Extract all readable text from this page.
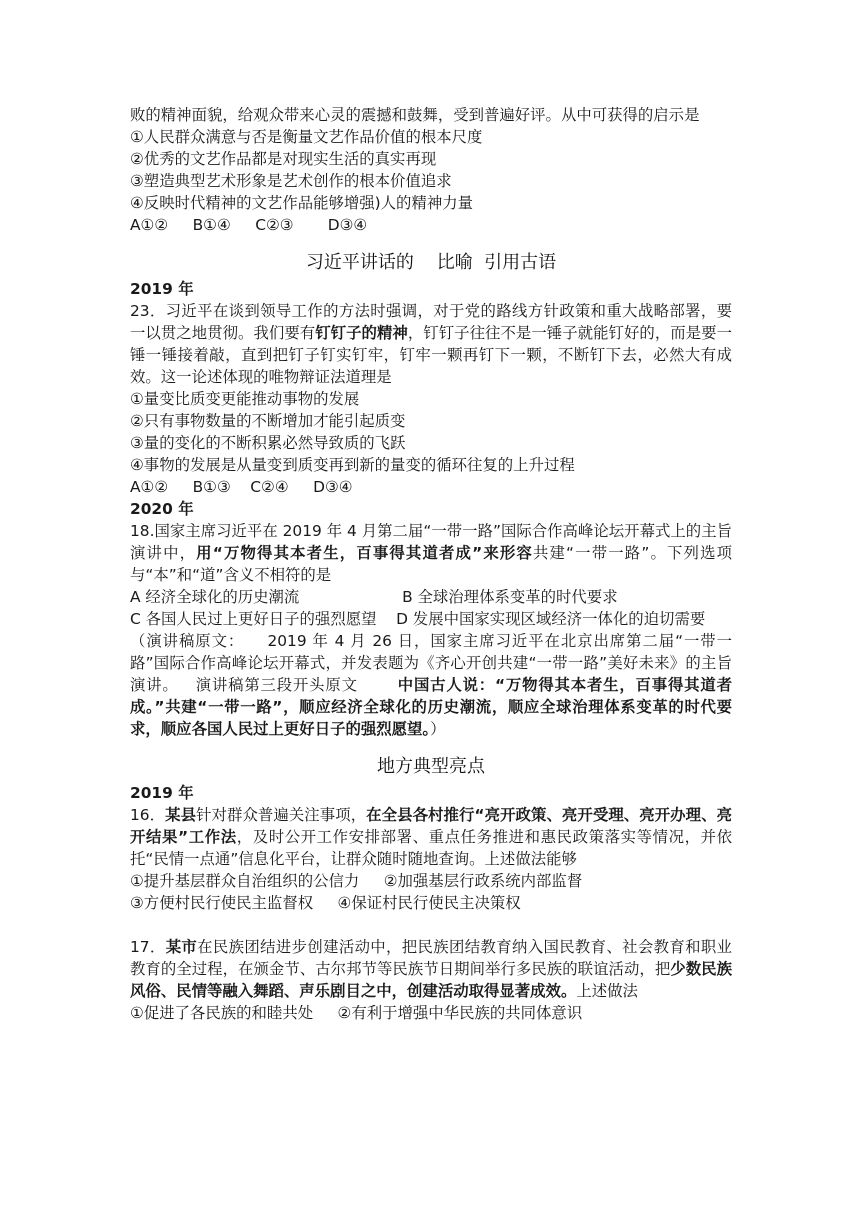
败的精神面貌，给观众带来心灵的震撼和鼓舞，受到普遍好评。从中可获得的启示是

①人民群众满意与否是衡量文艺作品价值的根本尺度

②优秀的文艺作品都是对现实生活的真实再现

③塑造典型艺术形象是艺术创作的根本价值追求

④反映时代精神的文艺作品能够增强)人的精神力量

A①②     B①④     C②③       D③④

习近平讲话的    比喻  引用古语

2019 年

23．习近平在谈到领导工作的方法时强调，对于党的路线方针政策和重大战略部署，要一以贯之地贯彻。我们要有钉钉子的精神，钉钉子往往不是一锤子就能钉好的，而是要一锤一锤接着敲，直到把钉子钉实钉牢，钉牢一颗再钉下一颗，不断钉下去，必然大有成效。这一论述体现的唯物辩证法道理是

①量变比质变更能推动事物的发展

②只有事物数量的不断增加才能引起质变

③量的变化的不断积累必然导致质的飞跃

④事物的发展是从量变到质变再到新的量变的循环往复的上升过程

A①②     B①③    C②④     D③④

2020 年

18.国家主席习近平在 2019 年 4 月第二届“一带一路”国际合作高峰论坛开幕式上的主旨演讲中，用“万物得其本者生，百事得其道者成”来形容共建“一带一路”。下列选项与“本”和“道”含义不相符的是

A 经济全球化的历史潮流                     B 全球治理体系变革的时代要求

C 各国人民过上更好日子的强烈愿望    D 发展中国家实现区域经济一体化的迫切需要

（演讲稿原文：    2019 年 4 月 26 日，国家主席习近平在北京出席第二届“一带一路”国际合作高峰论坛开幕式，并发表题为《齐心开创共建“一带一路”美好未来》的主旨演讲。   演讲稿第三段开头原文       中国古人说：“万物得其本者生，百事得其道者成。”共建“一带一路”，顺应经济全球化的历史潮流，顺应全球治理体系变革的时代要求，顺应各国人民过上更好日子的强烈愿望。）

地方典型亮点

2019 年

16．某县针对群众普遍关注事项，在全县各村推行“亮开政策、亮开受理、亮开办理、亮开结果”工作法，及时公开工作安排部署、重点任务推进和惠民政策落实等情况，并依托“民情一点通”信息化平台，让群众随时随地查询。上述做法能够

①提升基层群众自治组织的公信力     ②加强基层行政系统内部监督

③方便村民行使民主监督权     ④保证村民行使民主决策权

17．某市在民族团结进步创建活动中，把民族团结教育纳入国民教育、社会教育和职业教育的全过程，在颁金节、古尔邦节等民族节日期间举行多民族的联谊活动，把少数民族风俗、民情等融入舞蹈、声乐剧目之中，创建活动取得显著成效。上述做法

①促进了各民族的和睦共处     ②有利于增强中华民族的共同体意识
